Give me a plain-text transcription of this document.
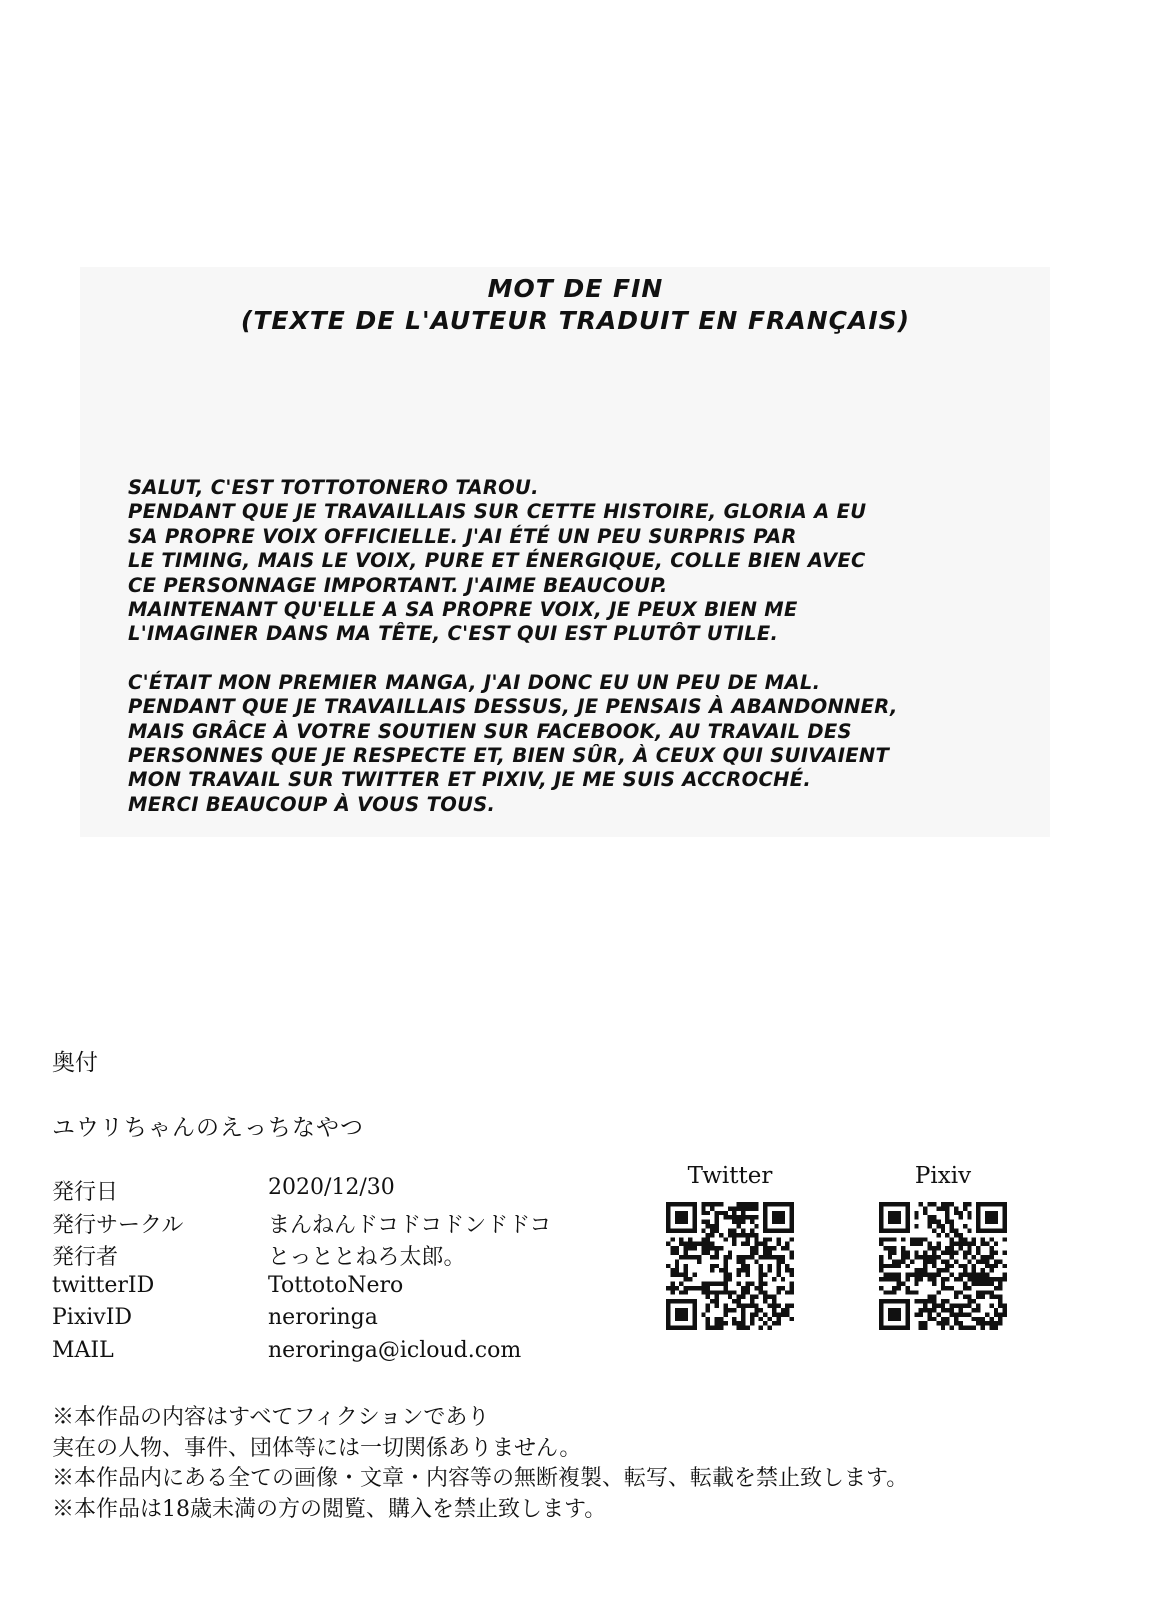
MOT DE FIN
(TEXTE DE L'AUTEUR TRADUIT EN FRANÇAIS)
SALUT, C'EST TOTTOTONERO TAROU.
PENDANT QUE JE TRAVAILLAIS SUR CETTE HISTOIRE, GLORIA A EU
SA PROPRE VOIX OFFICIELLE. J'AI ÉTÉ UN PEU SURPRIS PAR
LE TIMING, MAIS LE VOIX, PURE ET ÉNERGIQUE, COLLE BIEN AVEC
CE PERSONNAGE IMPORTANT. J'AIME BEAUCOUP.
MAINTENANT QU'ELLE A SA PROPRE VOIX, JE PEUX BIEN ME
L'IMAGINER DANS MA TÊTE, C'EST QUI EST PLUTÔT UTILE.
C'ÉTAIT MON PREMIER MANGA, J'AI DONC EU UN PEU DE MAL.
PENDANT QUE JE TRAVAILLAIS DESSUS, JE PENSAIS À ABANDONNER,
MAIS GRÂCE À VOTRE SOUTIEN SUR FACEBOOK, AU TRAVAIL DES
PERSONNES QUE JE RESPECTE ET, BIEN SÛR, À CEUX QUI SUIVAIENT
MON TRAVAIL SUR TWITTER ET PIXIV, JE ME SUIS ACCROCHÉ.
MERCI BEAUCOUP À VOUS TOUS.
奥付
ユウリちゃんのえっちなやつ
発行日	2020/12/30
発行サークル	まんねんドコドコドンドドコ
発行者	とっととねろ太郎。
twitterID	TottotoNero
PixivID	neroringa
MAIL	neroringa@icloud.com
Twitter	Pixiv
※本作品の内容はすべてフィクションであり
実在の人物、事件、団体等には一切関係ありません。
※本作品内にある全ての画像・文章・内容等の無断複製、転写、転載を禁止致します。
※本作品は18歳未満の方の閲覧、購入を禁止致します。
